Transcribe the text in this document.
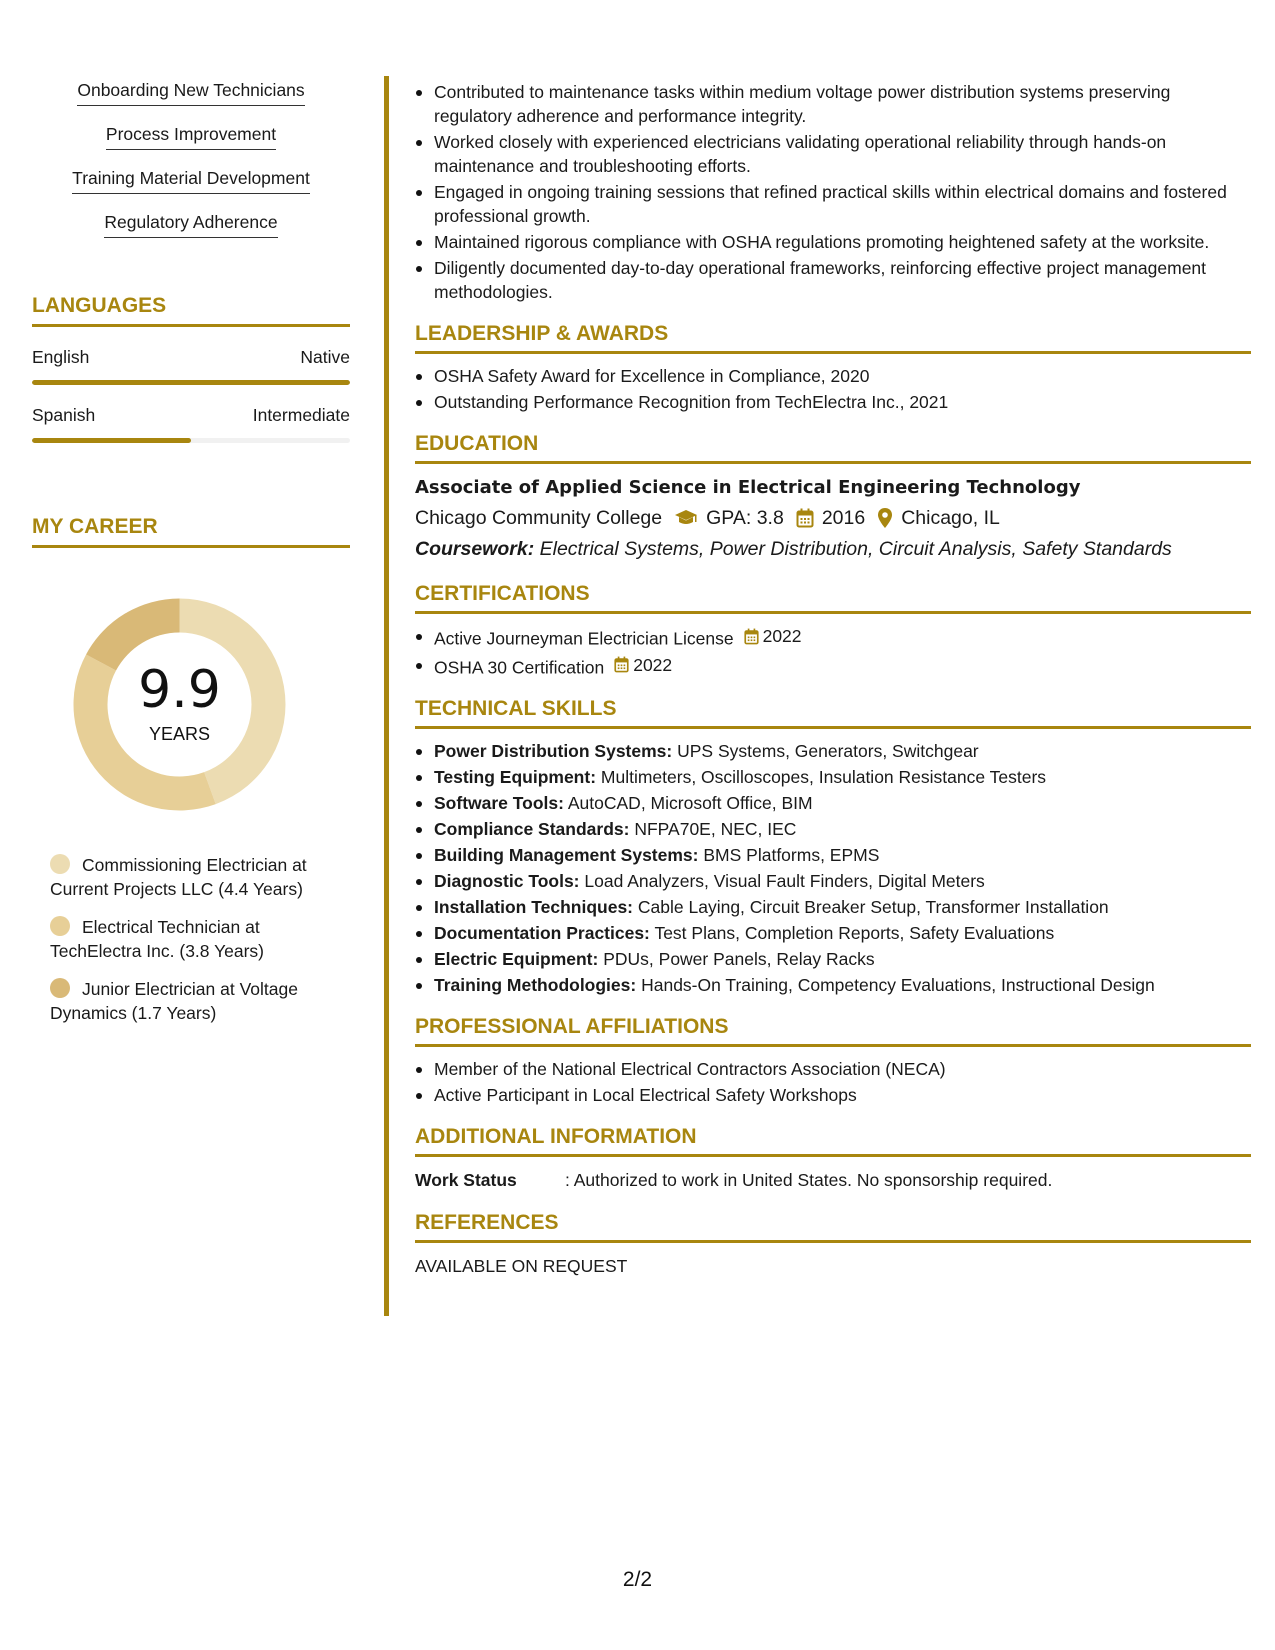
Onboarding New Technicians
Process Improvement
Training Material Development
Regulatory Adherence
LANGUAGES
English	Native
Spanish	Intermediate
MY CAREER
9.9
YEARS
Commissioning Electrician at Current Projects LLC (4.4 Years)
Electrical Technician at TechElectra Inc. (3.8 Years)
Junior Electrician at Voltage Dynamics (1.7 Years)
Contributed to maintenance tasks within medium voltage power distribution systems preserving regulatory adherence and performance integrity.
Worked closely with experienced electricians validating operational reliability through hands-on maintenance and troubleshooting efforts.
Engaged in ongoing training sessions that refined practical skills within electrical domains and fostered professional growth.
Maintained rigorous compliance with OSHA regulations promoting heightened safety at the worksite.
Diligently documented day-to-day operational frameworks, reinforcing effective project management methodologies.
LEADERSHIP & AWARDS
OSHA Safety Award for Excellence in Compliance, 2020
Outstanding Performance Recognition from TechElectra Inc., 2021
EDUCATION
Associate of Applied Science in Electrical Engineering Technology
Chicago Community College GPA: 3.8 2016 Chicago, IL
Coursework: Electrical Systems, Power Distribution, Circuit Analysis, Safety Standards
CERTIFICATIONS
Active Journeyman Electrician License 2022
OSHA 30 Certification 2022
TECHNICAL SKILLS
Power Distribution Systems: UPS Systems, Generators, Switchgear
Testing Equipment: Multimeters, Oscilloscopes, Insulation Resistance Testers
Software Tools: AutoCAD, Microsoft Office, BIM
Compliance Standards: NFPA70E, NEC, IEC
Building Management Systems: BMS Platforms, EPMS
Diagnostic Tools: Load Analyzers, Visual Fault Finders, Digital Meters
Installation Techniques: Cable Laying, Circuit Breaker Setup, Transformer Installation
Documentation Practices: Test Plans, Completion Reports, Safety Evaluations
Electric Equipment: PDUs, Power Panels, Relay Racks
Training Methodologies: Hands-On Training, Competency Evaluations, Instructional Design
PROFESSIONAL AFFILIATIONS
Member of the National Electrical Contractors Association (NECA)
Active Participant in Local Electrical Safety Workshops
ADDITIONAL INFORMATION
Work Status	: Authorized to work in United States. No sponsorship required.
REFERENCES
AVAILABLE ON REQUEST
2/2
